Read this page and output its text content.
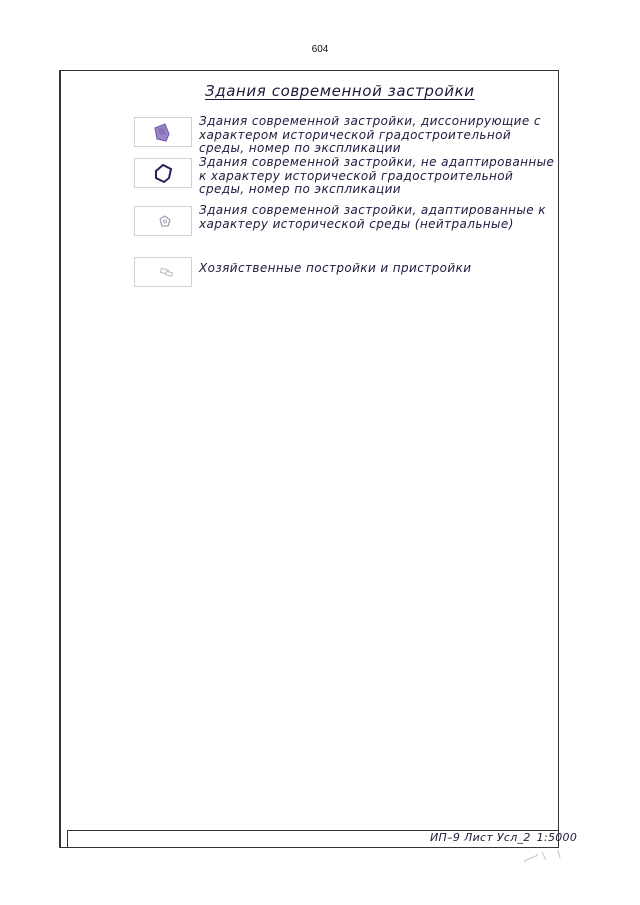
604
Здания современной застройки
Здания современной застройки, диссонирующие с характером исторической градостроительной среды, номер по экспликации
Здания современной застройки, не адаптированные к характеру исторической градостроительной среды, номер по экспликации
Здания современной застройки, адаптированные к характеру исторической среды (нейтральные)
Хозяйственные постройки и пристройки
ИП–9 Лист Усл_2 1:5000
